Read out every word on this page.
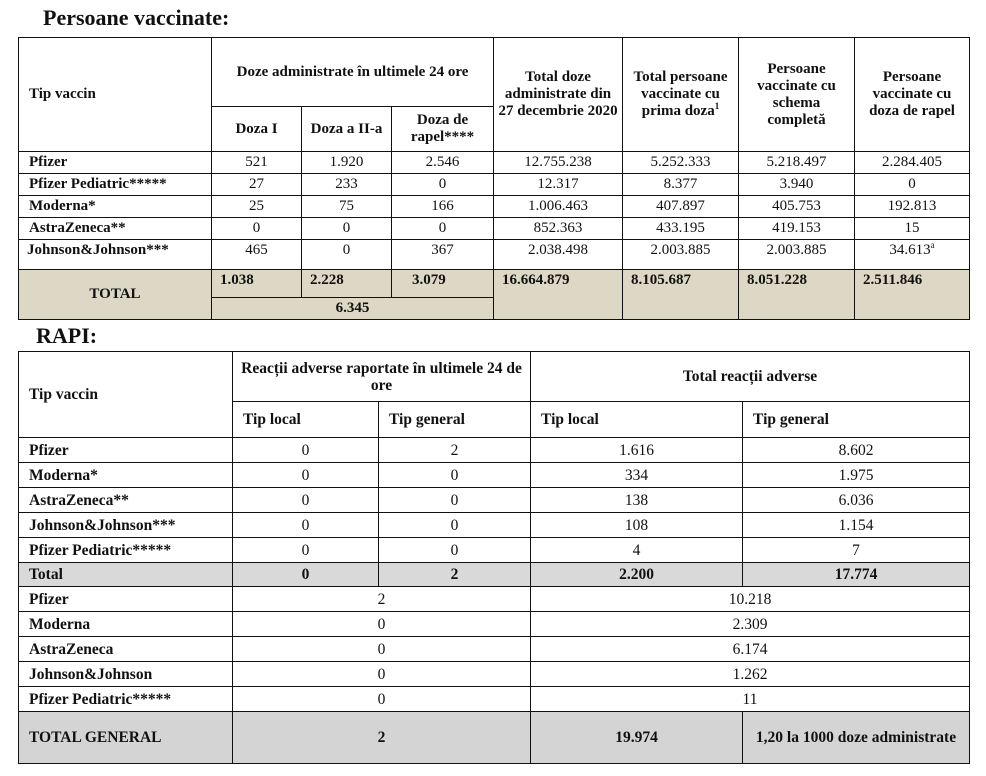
Persoane vaccinate:
Tip vaccin	Doze administrate în ultimele 24 ore			Total doze administrate din 27 decembrie 2020	Total persoane vaccinate cu prima doza$^1$	Persoane vaccinate cu schema completă	Persoane vaccinate cu doza de rapel
	Doza I	Doza a II-a	Doza de rapel****				
Pfizer	521	1.920	2.546	12.755.238	5.252.333	5.218.497	2.284.405
Pfizer Pediatric*****	27	233	0	12.317	8.377	3.940	0
Moderna*	25	75	166	1.006.463	407.897	405.753	192.813
AstraZeneca**	0	0	0	852.363	433.195	419.153	15
Johnson&Johnson***	465	0	367	2.038.498	2.003.885	2.003.885	34.613$^a$
TOTAL	1.038	2.228	3.079	16.664.879	8.105.687	8.051.228	2.511.846
	6.345						
RAPI:
Tip vaccin	Reacții adverse raportate în ultimele 24 de ore		Total reacții adverse	
	Tip local	Tip general	Tip local	Tip general
Pfizer	0	2	1.616	8.602
Moderna*	0	0	334	1.975
AstraZeneca**	0	0	138	6.036
Johnson&Johnson***	0	0	108	1.154
Pfizer Pediatric*****	0	0	4	7
Total	0	2	2.200	17.774
Pfizer	2		10.218	
Moderna	0		2.309	
AstraZeneca	0		6.174	
Johnson&Johnson	0		1.262	
Pfizer Pediatric*****	0		11	
TOTAL GENERAL	2		19.974	1,20 la 1000 doze administrate
